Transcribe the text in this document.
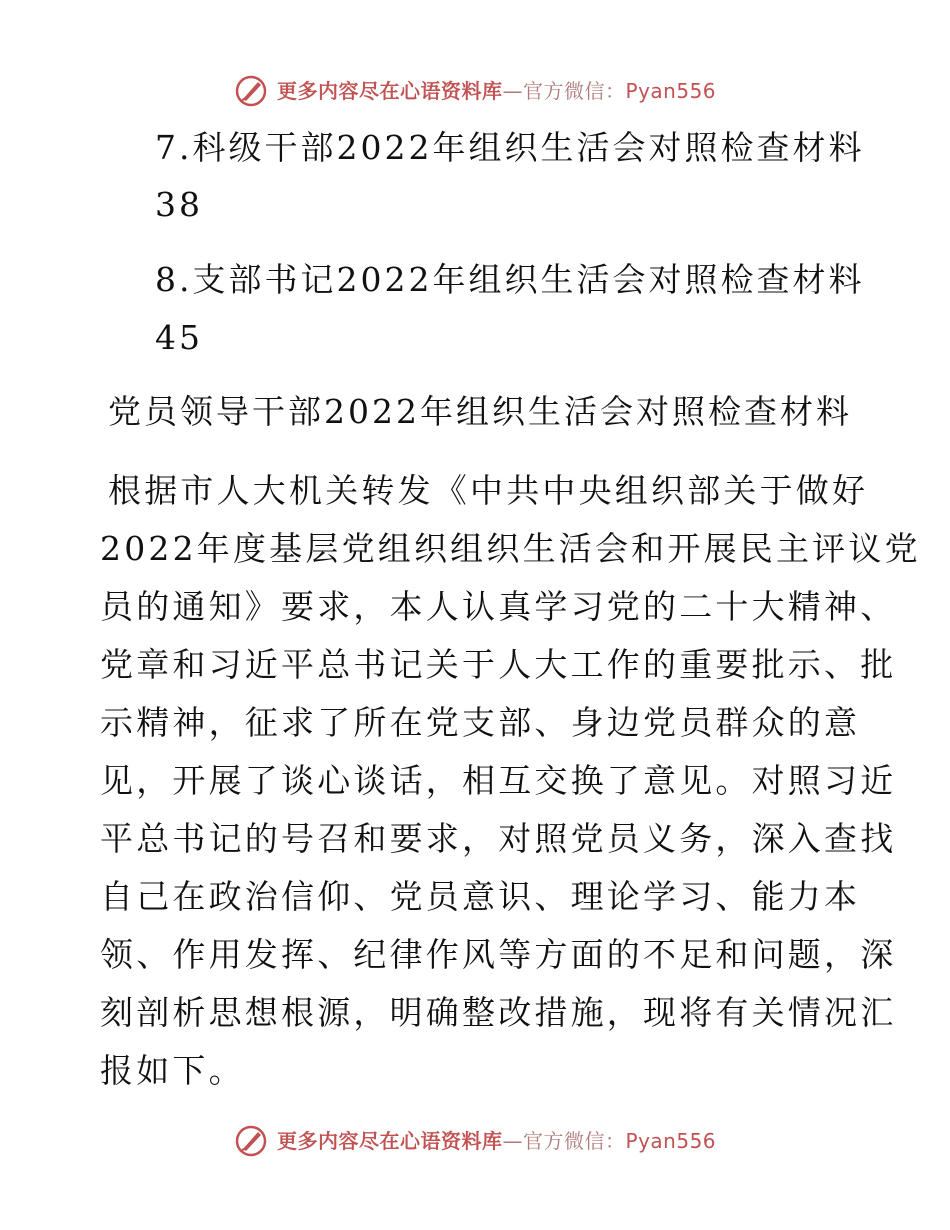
更多内容尽在心语资料库—官方微信：Pyan556
7.科级干部2022年组织生活会对照检查材料
38
8.支部书记2022年组织生活会对照检查材料
45
党员领导干部2022年组织生活会对照检查材料
根据市人大机关转发《中共中央组织部关于做好
2022年度基层党组织组织生活会和开展民主评议党
员的通知》要求，本人认真学习党的二十大精神、
党章和习近平总书记关于人大工作的重要批示、批
示精神，征求了所在党支部、身边党员群众的意
见，开展了谈心谈话，相互交换了意见。对照习近
平总书记的号召和要求，对照党员义务，深入查找
自己在政治信仰、党员意识、理论学习、能力本
领、作用发挥、纪律作风等方面的不足和问题，深
刻剖析思想根源，明确整改措施，现将有关情况汇
报如下。
更多内容尽在心语资料库—官方微信：Pyan556
